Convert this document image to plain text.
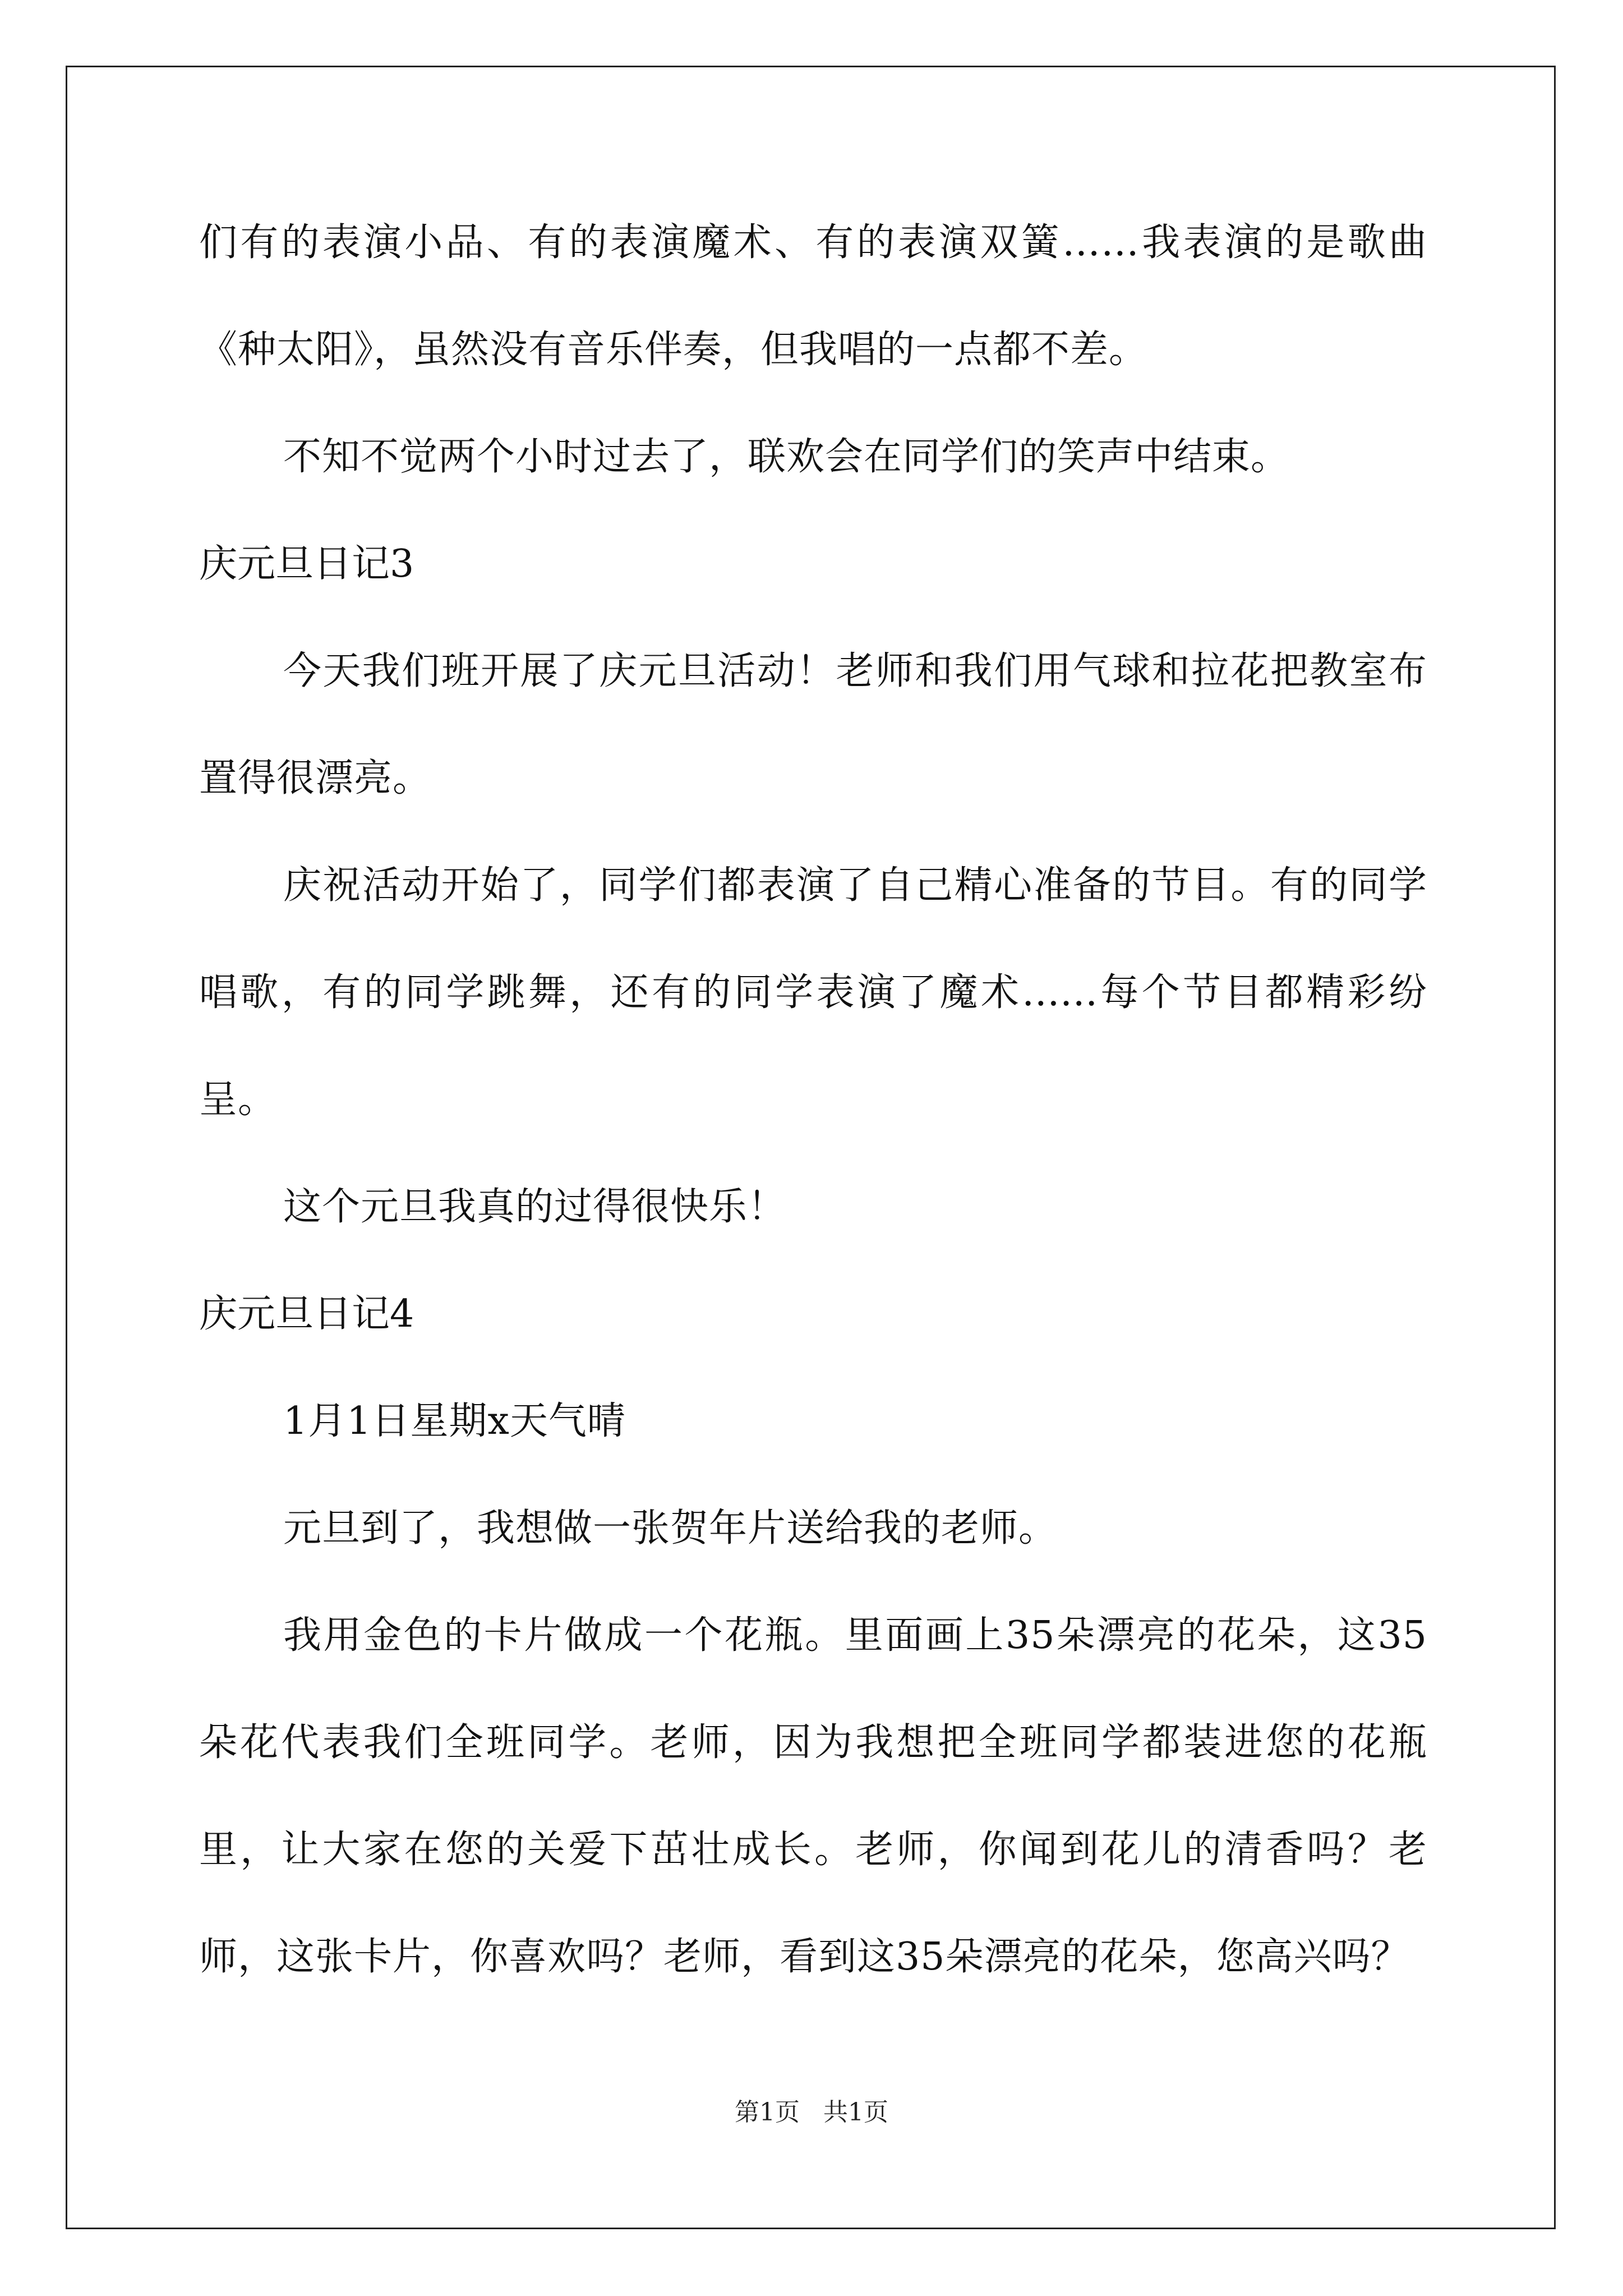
们有的表演小品、有的表演魔术、有的表演双簧……我表演的是歌曲《种太阳》，虽然没有音乐伴奏，但我唱的一点都不差。
不知不觉两个小时过去了，联欢会在同学们的笑声中结束。
庆元旦日记3
今天我们班开展了庆元旦活动！老师和我们用气球和拉花把教室布置得很漂亮。
庆祝活动开始了，同学们都表演了自己精心准备的节目。有的同学唱歌，有的同学跳舞，还有的同学表演了魔术......每个节目都精彩纷呈。
这个元旦我真的过得很快乐！
庆元旦日记4
1月1日星期x天气晴
元旦到了，我想做一张贺年片送给我的老师。
我用金色的卡片做成一个花瓶。里面画上35朵漂亮的花朵，这35朵花代表我们全班同学。老师，因为我想把全班同学都装进您的花瓶里，让大家在您的关爱下茁壮成长。老师，你闻到花儿的清香吗？老师，这张卡片，你喜欢吗？老师，看到这35朵漂亮的花朵，您高兴吗？
第1页 共1页
